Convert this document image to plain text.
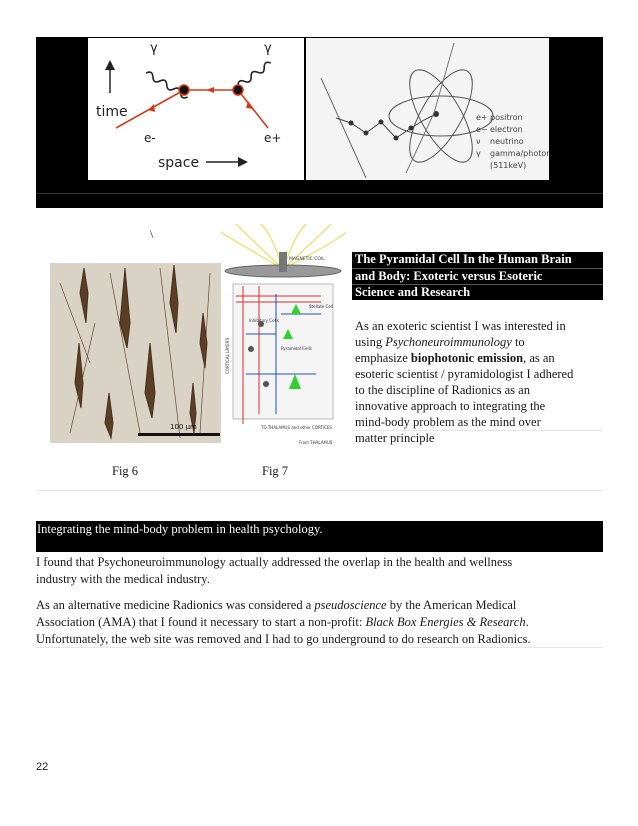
γ	γ
time
space
e-	e+
e+ positron
e− electron
ν neutrino
γ gamma/photon
(511keV)
\
100 μm
MAGNETIC COIL
CORTICAL LAYERS
Inhibitory Cells
Pyramidal Cells
Stellate Cell
TO THALAMUS and other CORTICES
From THALAMUS
The Pyramidal Cell In the Human Brain
and Body: Exoteric versus Esoteric
Science and Research
As an exoteric scientist I was interested in
using Psychoneuroimmunology to
emphasize biophotonic emission, as an
esoteric scientist / pyramidologist I adhered
to the discipline of Radionics as an
innovative approach to integrating the
mind-body problem as the mind over
matter principle
Fig 6	Fig 7
Integrating the mind-body problem in health psychology.
I found that Psychoneuroimmunology actually addressed the overlap in the health and wellness
industry with the medical industry.
As an alternative medicine Radionics was considered a pseudoscience by the American Medical
Association (AMA) that I found it necessary to start a non-profit: Black Box Energies & Research.
Unfortunately, the web site was removed and I had to go underground to do research on Radionics.
22
